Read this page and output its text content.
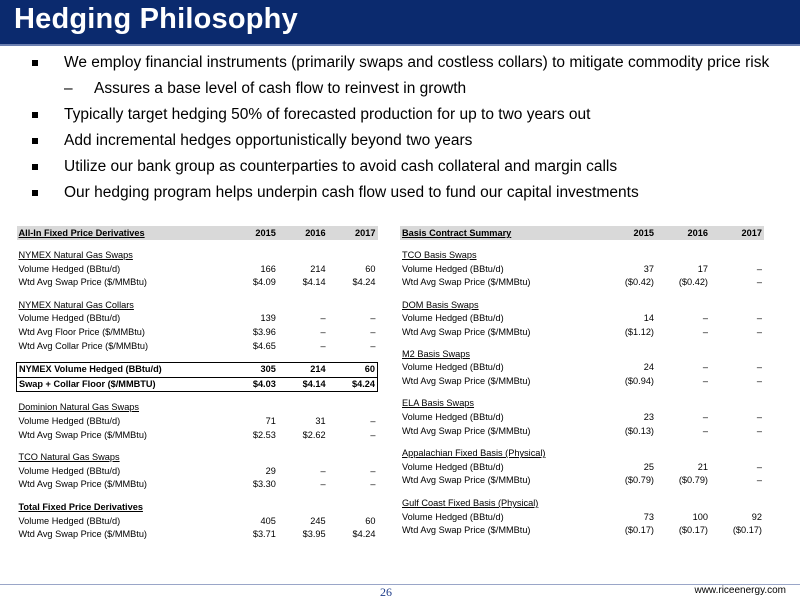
Hedging Philosophy
We employ financial instruments (primarily swaps and costless collars) to mitigate commodity price risk
– Assures a base level of cash flow to reinvest in growth
Typically target hedging 50% of forecasted production for up to two years out
Add incremental hedges opportunistically beyond two years
Utilize our bank group as counterparties to avoid cash collateral and margin calls
Our hedging program helps underpin cash flow used to fund our capital investments
All-In Fixed Price Derivatives	2015	2016	2017

NYMEX Natural Gas Swaps			
Volume Hedged (BBtu/d)	166	214	60
Wtd Avg Swap Price ($/MMBtu)	$4.09	$4.14	$4.24

NYMEX Natural Gas Collars			
Volume Hedged (BBtu/d)	139	–	–
Wtd Avg Floor Price ($/MMBtu)	$3.96	–	–
Wtd Avg Collar Price ($/MMBtu)	$4.65	–	–

NYMEX Volume Hedged (BBtu/d)	305	214	60
Swap + Collar Floor ($/MMBTU)	$4.03	$4.14	$4.24

Dominion Natural Gas Swaps			
Volume Hedged (BBtu/d)	71	31	–
Wtd Avg Swap Price ($/MMBtu)	$2.53	$2.62	–

TCO Natural Gas Swaps			
Volume Hedged (BBtu/d)	29	–	–
Wtd Avg Swap Price ($/MMBtu)	$3.30	–	–

Total Fixed Price Derivatives			
Volume Hedged (BBtu/d)	405	245	60
Wtd Avg Swap Price ($/MMBtu)	$3.71	$3.95	$4.24
Basis Contract Summary	2015	2016	2017

TCO Basis Swaps			
Volume Hedged (BBtu/d)	37	17	–
Wtd Avg Swap Price ($/MMBtu)	($0.42)	($0.42)	–

DOM Basis Swaps			
Volume Hedged (BBtu/d)	14	–	–
Wtd Avg Swap Price ($/MMBtu)	($1.12)	–	–
M2 Basis Swaps			
Volume Hedged (BBtu/d)	24	–	–
Wtd Avg Swap Price ($/MMBtu)	($0.94)	–	–

ELA Basis Swaps			
Volume Hedged (BBtu/d)	23	–	–
Wtd Avg Swap Price ($/MMBtu)	($0.13)	–	–

Appalachian Fixed Basis (Physical)			
Volume Hedged (BBtu/d)	25	21	–
Wtd Avg Swap Price ($/MMBtu)	($0.79)	($0.79)	–

Gulf Coast Fixed Basis (Physical)			
Volume Hedged (BBtu/d)	73	100	92
Wtd Avg Swap Price ($/MMBtu)	($0.17)	($0.17)	($0.17)
26	www.riceenergy.com
